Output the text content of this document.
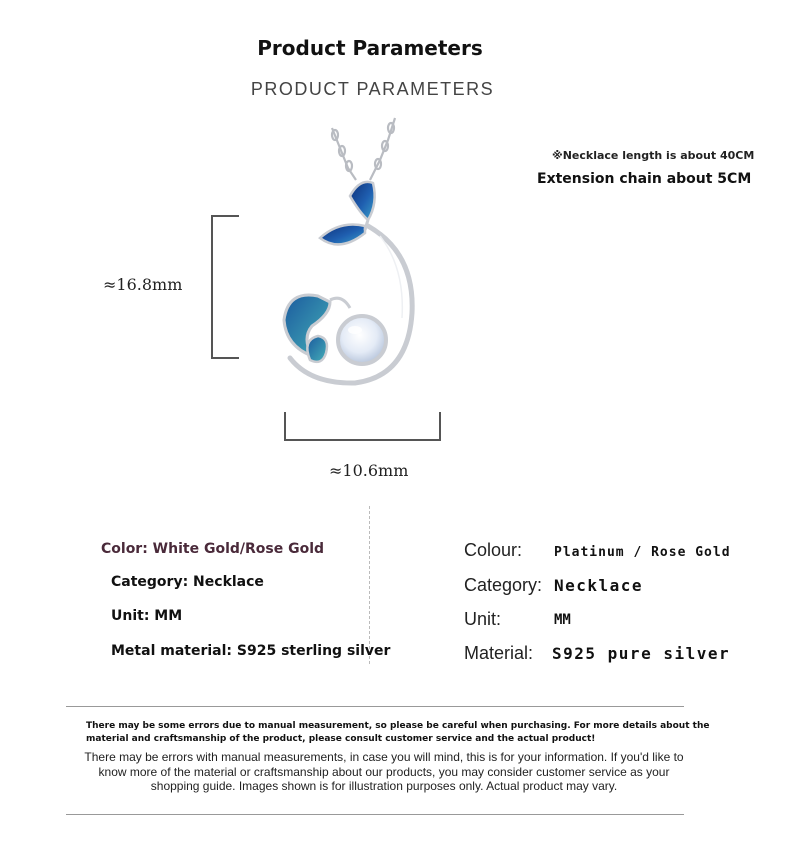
Product Parameters
PRODUCT PARAMETERS
≈16.8mm
≈10.6mm
※Necklace length is about 40CM
Extension chain about 5CM
Color: White Gold/Rose Gold
Category: Necklace
Unit: MM
Metal material: S925 sterling silver
Colour: Platinum / Rose Gold
Category: Necklace
Unit:	MM
Material: S925 pure silver
There may be some errors due to manual measurement, so please be careful when purchasing. For more details about the material and craftsmanship of the product, please consult customer service and the actual product!
There may be errors with manual measurements, in case you will mind, this is for your information. If you'd like to know more of the material or craftsmanship about our products, you may consider customer service as your shopping guide. Images shown is for illustration purposes only. Actual product may vary.
